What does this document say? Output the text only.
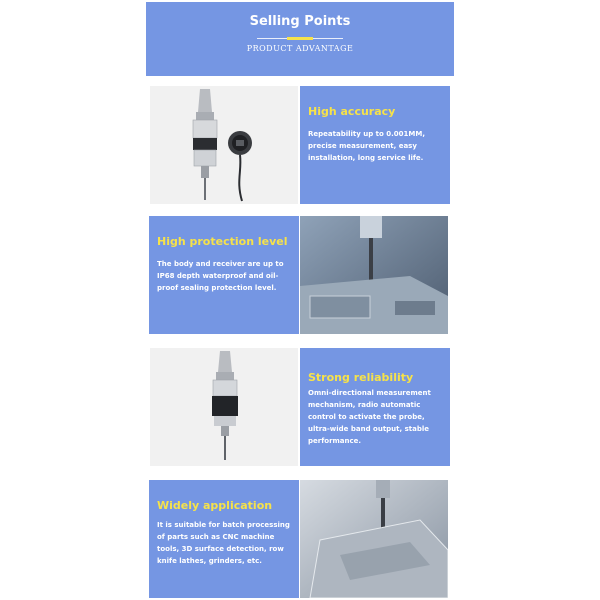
Selling Points
PRODUCT ADVANTAGE
High accuracy
Repeatability up to 0.001MM, precise measurement, easy installation, long service life.
High protection level
The body and receiver are up to IP68 depth waterproof and oil-proof sealing protection level.
Strong reliability
Omni-directional measurement mechanism, radio automatic control to activate the probe, ultra-wide band output, stable performance.
Widely application
It is suitable for batch processing of parts such as CNC machine tools, 3D surface detection, row knife lathes, grinders, etc.
